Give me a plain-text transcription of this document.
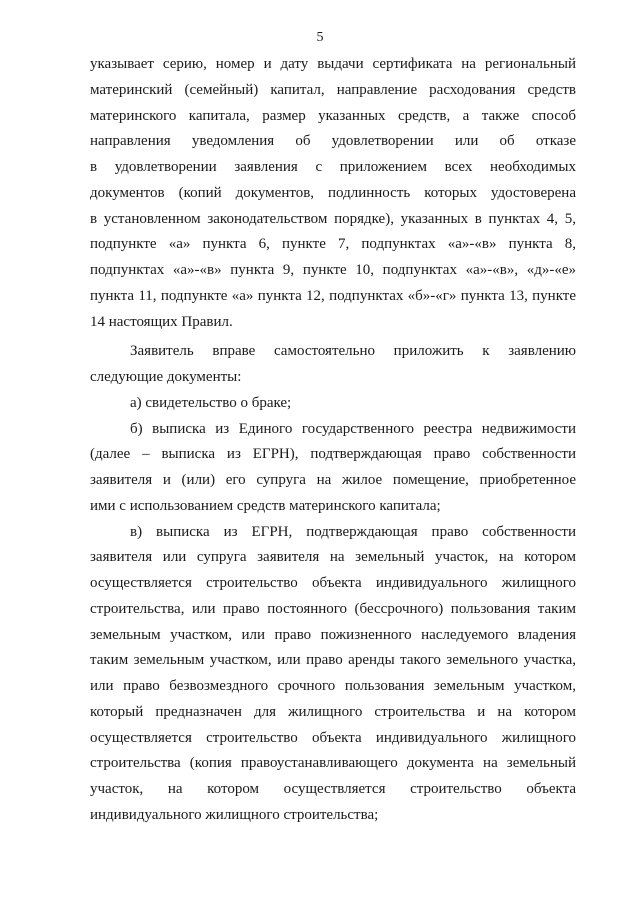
5
указывает серию, номер и дату выдачи сертификата на региональный
материнский (семейный) капитал, направление расходования средств
материнского капитала, размер указанных средств, а также способ
направления уведомления об удовлетворении или об отказе
в удовлетворении заявления с приложением всех необходимых
документов (копий документов, подлинность которых удостоверена
в установленном законодательством порядке), указанных в пунктах 4, 5,
подпункте «а» пункта 6, пункте 7, подпунктах «а»-«в» пункта 8,
подпунктах «а»-«в» пункта 9, пункте 10, подпунктах «а»-«в», «д»-«е»
пункта 11, подпункте «а» пункта 12, подпунктах «б»-«г» пункта 13, пункте
14 настоящих Правил.
Заявитель вправе самостоятельно приложить к заявлению
следующие документы:
а) свидетельство о браке;
б) выписка из Единого государственного реестра недвижимости
(далее – выписка из ЕГРН), подтверждающая право собственности
заявителя и (или) его супруга на жилое помещение, приобретенное
ими с использованием средств материнского капитала;
в) выписка из ЕГРН, подтверждающая право собственности
заявителя или супруга заявителя на земельный участок, на котором
осуществляется строительство объекта индивидуального жилищного
строительства, или право постоянного (бессрочного) пользования таким
земельным участком, или право пожизненного наследуемого владения
таким земельным участком, или право аренды такого земельного участка,
или право безвозмездного срочного пользования земельным участком,
который предназначен для жилищного строительства и на котором
осуществляется строительство объекта индивидуального жилищного
строительства (копия правоустанавливающего документа на земельный
участок, на котором осуществляется строительство объекта
индивидуального жилищного строительства;
